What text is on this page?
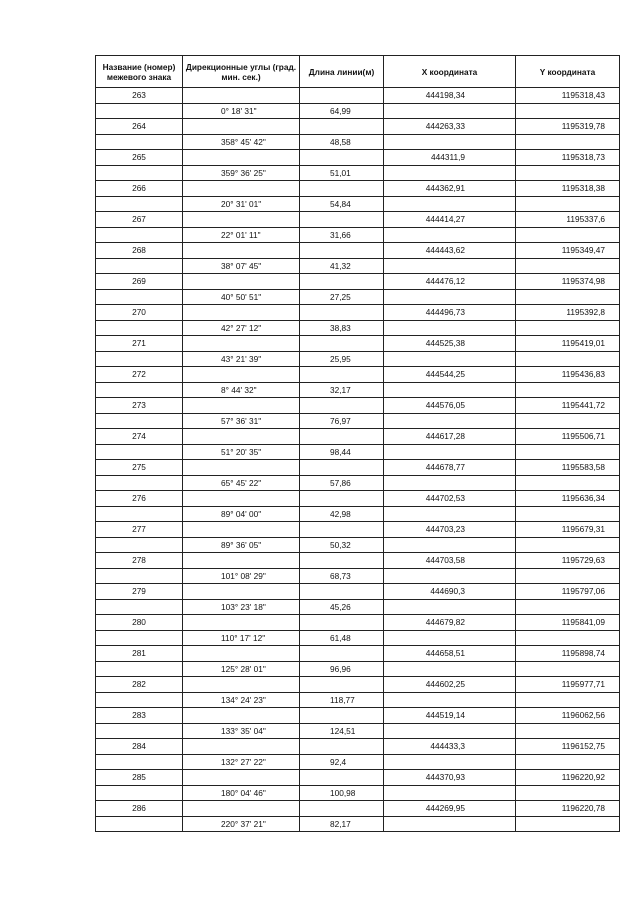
Название (номер) межевого знака	Дирекционные углы (град. мин. сек.)	Длина линии(м)	X координата	Y координата
263			444198,34	1195318,43
	0° 18' 31"	64,99		
264			444263,33	1195319,78
	358° 45' 42"	48,58		
265			444311,9	1195318,73
	359° 36' 25"	51,01		
266			444362,91	1195318,38
	20° 31' 01"	54,84		
267			444414,27	1195337,6
	22° 01' 11"	31,66		
268			444443,62	1195349,47
	38° 07' 45"	41,32		
269			444476,12	1195374,98
	40° 50' 51"	27,25		
270			444496,73	1195392,8
	42° 27' 12"	38,83		
271			444525,38	1195419,01
	43° 21' 39"	25,95		
272			444544,25	1195436,83
	8° 44' 32"	32,17		
273			444576,05	1195441,72
	57° 36' 31"	76,97		
274			444617,28	1195506,71
	51° 20' 35"	98,44		
275			444678,77	1195583,58
	65° 45' 22"	57,86		
276			444702,53	1195636,34
	89° 04' 00"	42,98		
277			444703,23	1195679,31
	89° 36' 05"	50,32		
278			444703,58	1195729,63
	101° 08' 29"	68,73		
279			444690,3	1195797,06
	103° 23' 18"	45,26		
280			444679,82	1195841,09
	110° 17' 12"	61,48		
281			444658,51	1195898,74
	125° 28' 01"	96,96		
282			444602,25	1195977,71
	134° 24' 23"	118,77		
283			444519,14	1196062,56
	133° 35' 04"	124,51		
284			444433,3	1196152,75
	132° 27' 22"	92,4		
285			444370,93	1196220,92
	180° 04' 46"	100,98		
286			444269,95	1196220,78
	220° 37' 21"	82,17		
